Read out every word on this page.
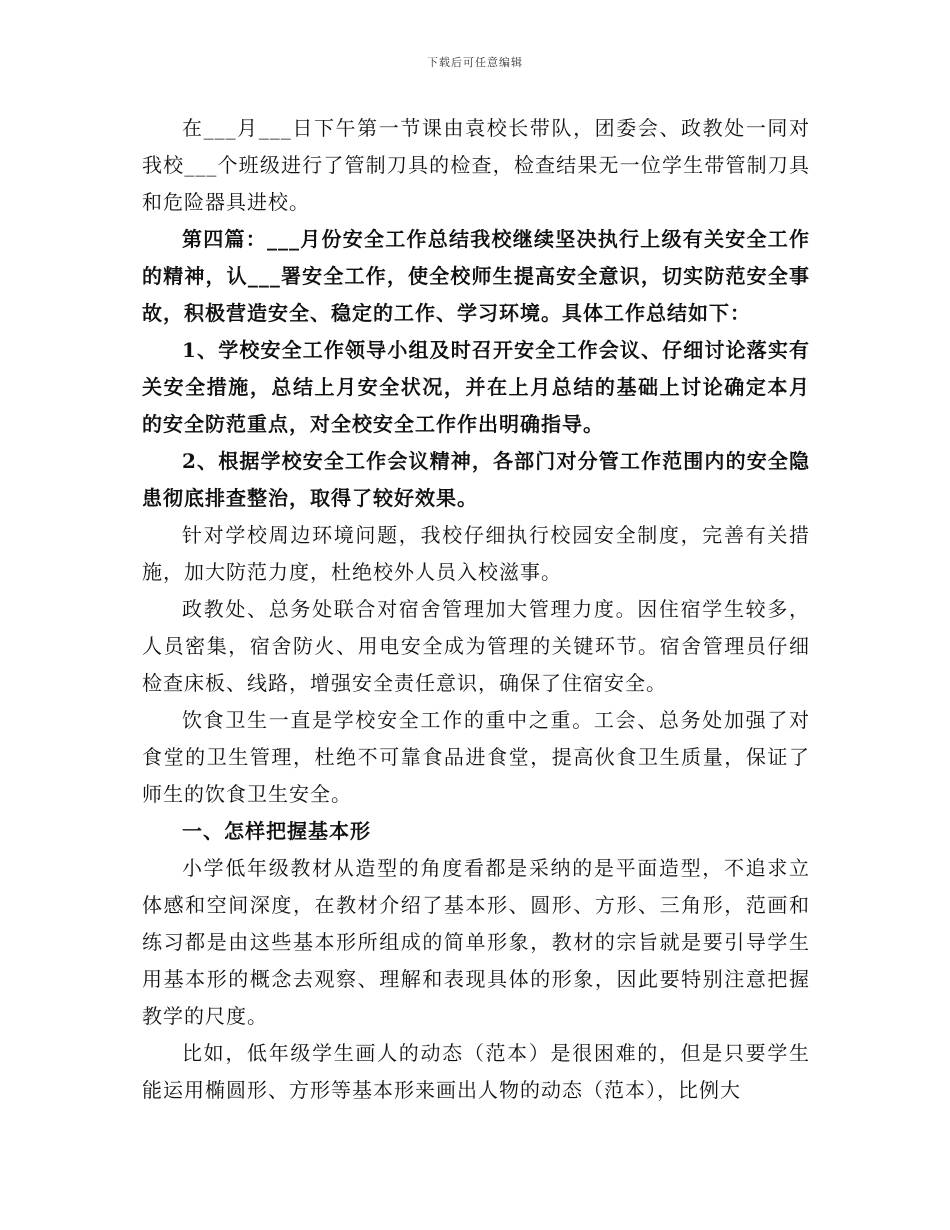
下载后可任意编辑

在___月___日下午第一节课由袁校长带队，团委会、政教处一同对我校___个班级进行了管制刀具的检查，检查结果无一位学生带管制刀具和危险器具进校。

第四篇：___月份安全工作总结我校继续坚决执行上级有关安全工作的精神，认___署安全工作，使全校师生提高安全意识，切实防范安全事故，积极营造安全、稳定的工作、学习环境。具体工作总结如下：

1、学校安全工作领导小组及时召开安全工作会议、仔细讨论落实有关安全措施，总结上月安全状况，并在上月总结的基础上讨论确定本月的安全防范重点，对全校安全工作作出明确指导。

2、根据学校安全工作会议精神，各部门对分管工作范围内的安全隐患彻底排查整治，取得了较好效果。

针对学校周边环境问题，我校仔细执行校园安全制度，完善有关措施，加大防范力度，杜绝校外人员入校滋事。

政教处、总务处联合对宿舍管理加大管理力度。因住宿学生较多，人员密集，宿舍防火、用电安全成为管理的关键环节。宿舍管理员仔细检查床板、线路，增强安全责任意识，确保了住宿安全。

饮食卫生一直是学校安全工作的重中之重。工会、总务处加强了对食堂的卫生管理，杜绝不可靠食品进食堂，提高伙食卫生质量，保证了师生的饮食卫生安全。

一、怎样把握基本形

小学低年级教材从造型的角度看都是采纳的是平面造型，不追求立体感和空间深度，在教材介绍了基本形、圆形、方形、三角形，范画和练习都是由这些基本形所组成的简单形象，教材的宗旨就是要引导学生用基本形的概念去观察、理解和表现具体的形象，因此要特别注意把握教学的尺度。

比如，低年级学生画人的动态（范本）是很困难的，但是只要学生能运用椭圆形、方形等基本形来画出人物的动态（范本），比例大
